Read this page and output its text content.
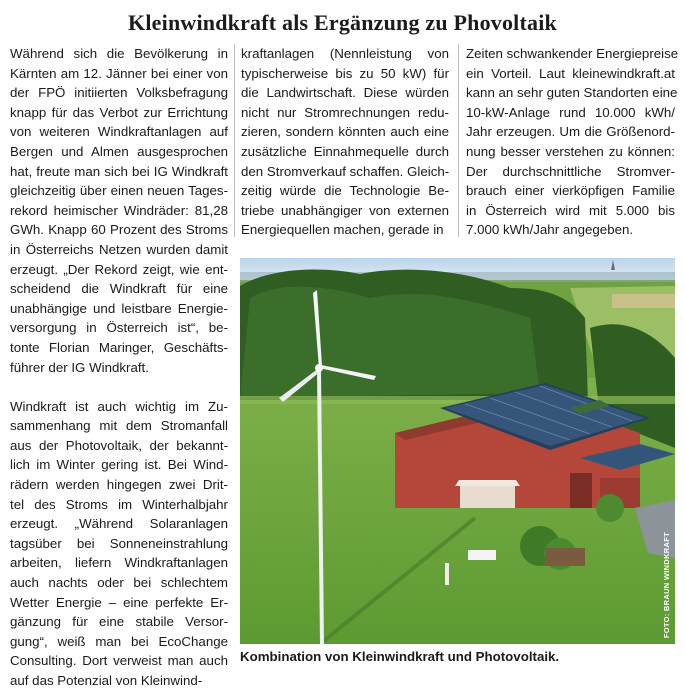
Kleinwindkraft als Ergänzung zu Phovoltaik

Während sich die Bevölkerung in
Kärnten am 12. Jänner bei einer von
der FPÖ initiierten Volksbefragung
knapp für das Verbot zur Errichtung
von weiteren Windkraftanlagen auf
Bergen und Almen ausgesprochen
hat, freute man sich bei IG Windkraft
gleichzeitig über einen neuen Tages-
rekord heimischer Windräder: 81,28
GWh. Knapp 60 Prozent des Stroms
in Österreichs Netzen wurden damit
erzeugt. „Der Rekord zeigt, wie ent-
scheidend die Windkraft für eine
unabhängige und leistbare Energie-
versorgung in Österreich ist“, be-
tonte Florian Maringer, Geschäfts-
führer der IG Windkraft.

Windkraft ist auch wichtig im Zu-
sammenhang mit dem Stromanfall
aus der Photovoltaik, der bekannt-
lich im Winter gering ist. Bei Wind-
rädern werden hingegen zwei Drit-
tel des Stroms im Winterhalbjahr
erzeugt. „Während Solaranlagen
tagsüber bei Sonneneinstrahlung
arbeiten, liefern Windkraftanlagen
auch nachts oder bei schlechtem
Wetter Energie – eine perfekte Er-
gänzung für eine stabile Versor-
gung“, weiß man bei EcoChange
Consulting. Dort verweist man auch
auf das Potenzial von Kleinwind-

kraftanlagen (Nennleistung von
typischerweise bis zu 50 kW) für
die Landwirtschaft. Diese würden
nicht nur Stromrechnungen redu-
zieren, sondern könnten auch eine
zusätzliche Einnahmequelle durch
den Stromverkauf schaffen. Gleich-
zeitig würde die Technologie Be-
triebe unabhängiger von externen
Energiequellen machen, gerade in

Zeiten schwankender Energiepreise
ein Vorteil. Laut kleinewindkraft.at
kann an sehr guten Standorten eine
10-kW-Anlage rund 10.000 kWh/
Jahr erzeugen. Um die Größenord-
nung besser verstehen zu können:
Der durchschnittliche Stromver-
brauch einer vierköpfigen Familie
in Österreich wird mit 5.000 bis
7.000 kWh/Jahr angegeben.

FOTO: BRAUN WINDKRAFT
Kombination von Kleinwindkraft und Photovoltaik.
